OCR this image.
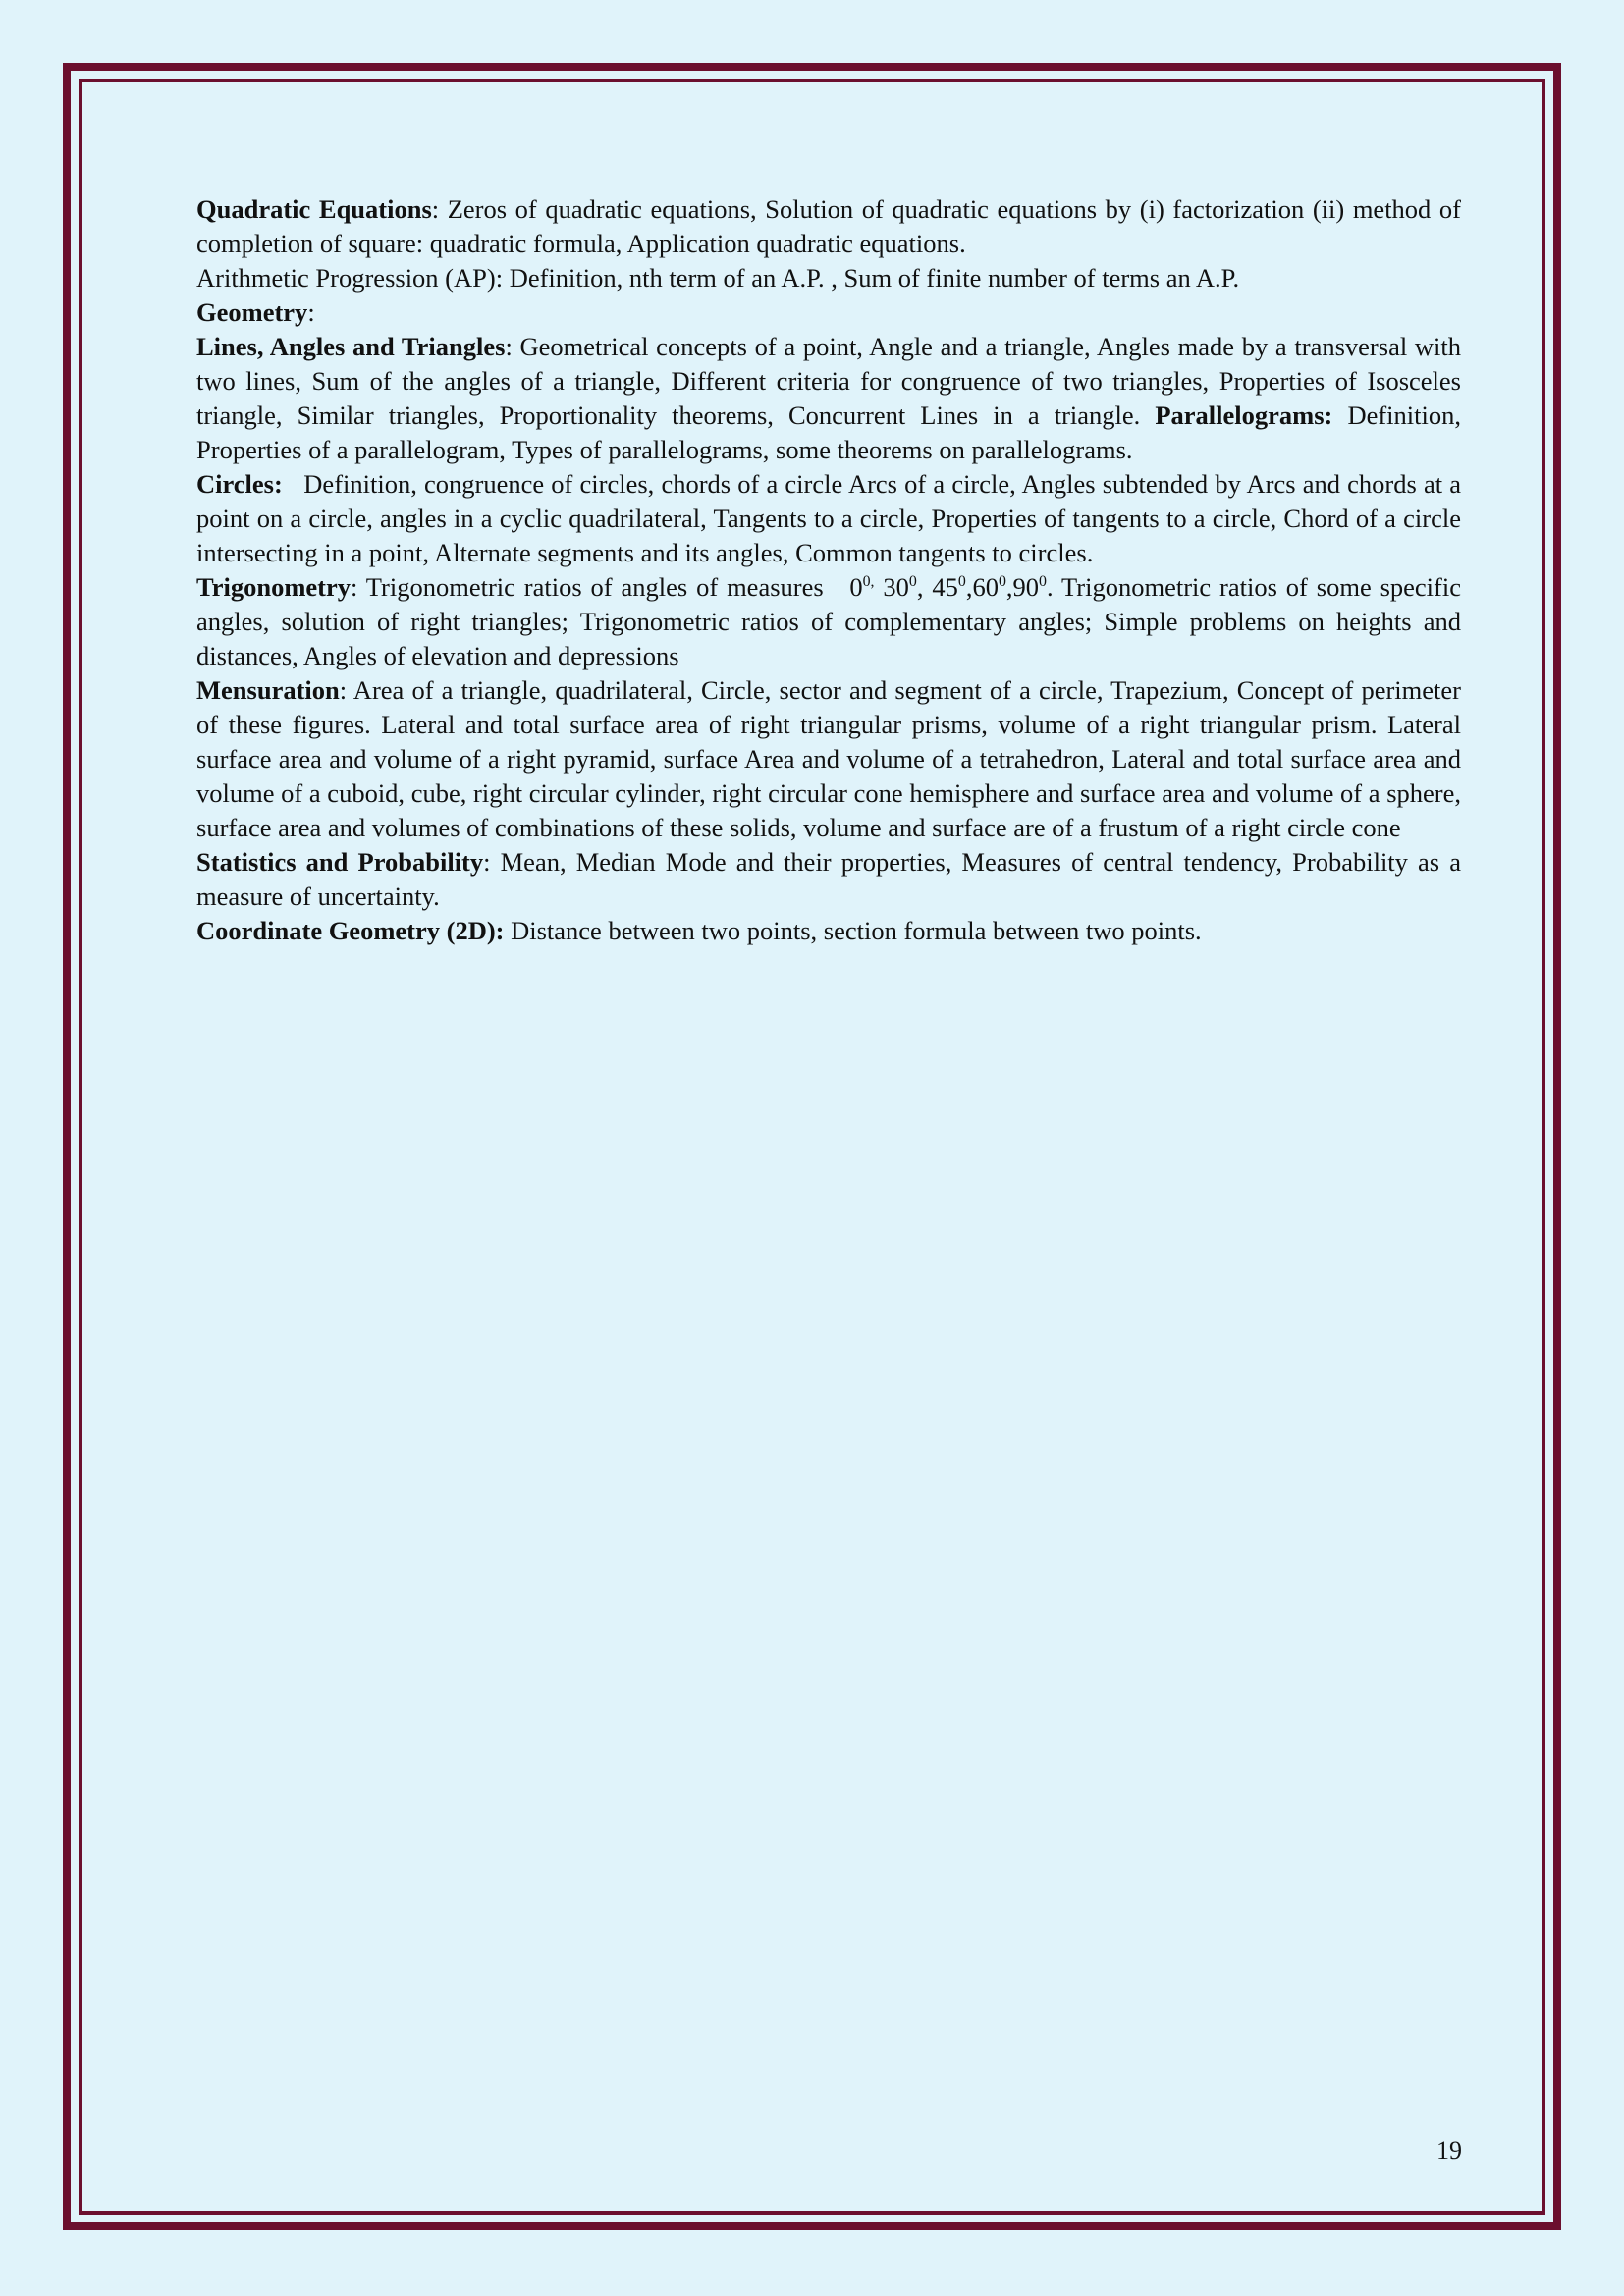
Quadratic Equations: Zeros of quadratic equations, Solution of quadratic equations by (i) factorization (ii) method of completion of square: quadratic formula, Application quadratic equations.

Arithmetic Progression (AP): Definition, nth term of an A.P. , Sum of finite number of terms an A.P.

Geometry:

Lines, Angles and Triangles: Geometrical concepts of a point, Angle and a triangle, Angles made by a transversal with two lines, Sum of the angles of a triangle, Different criteria for congruence of two triangles, Properties of Isosceles triangle, Similar triangles, Proportionality theorems, Concurrent Lines in a triangle. Parallelograms: Definition, Properties of a parallelogram, Types of parallelograms, some theorems on parallelograms.

Circles:   Definition, congruence of circles, chords of a circle Arcs of a circle, Angles subtended by Arcs and chords at a point on a circle, angles in a cyclic quadrilateral, Tangents to a circle, Properties of tangents to a circle, Chord of a circle intersecting in a point, Alternate segments and its angles, Common tangents to circles.

Trigonometry: Trigonometric ratios of angles of measures   $0^{0,}$ $30^0$, $45^0,60^0,90^0$. Trigonometric ratios of some specific angles, solution of right triangles; Trigonometric ratios of complementary angles; Simple problems on heights and distances, Angles of elevation and depressions

Mensuration: Area of a triangle, quadrilateral, Circle, sector and segment of a circle, Trapezium, Concept of perimeter of these figures. Lateral and total surface area of right triangular prisms, volume of a right triangular prism. Lateral surface area and volume of a right pyramid, surface Area and volume of a tetrahedron, Lateral and total surface area and volume of a cuboid, cube, right circular cylinder, right circular cone hemisphere and surface area and volume of a sphere, surface area and volumes of combinations of these solids, volume and surface are of a frustum of a right circle cone

Statistics and Probability: Mean, Median Mode and their properties, Measures of central tendency, Probability as a measure of uncertainty.

Coordinate Geometry (2D): Distance between two points, section formula between two points.

19
